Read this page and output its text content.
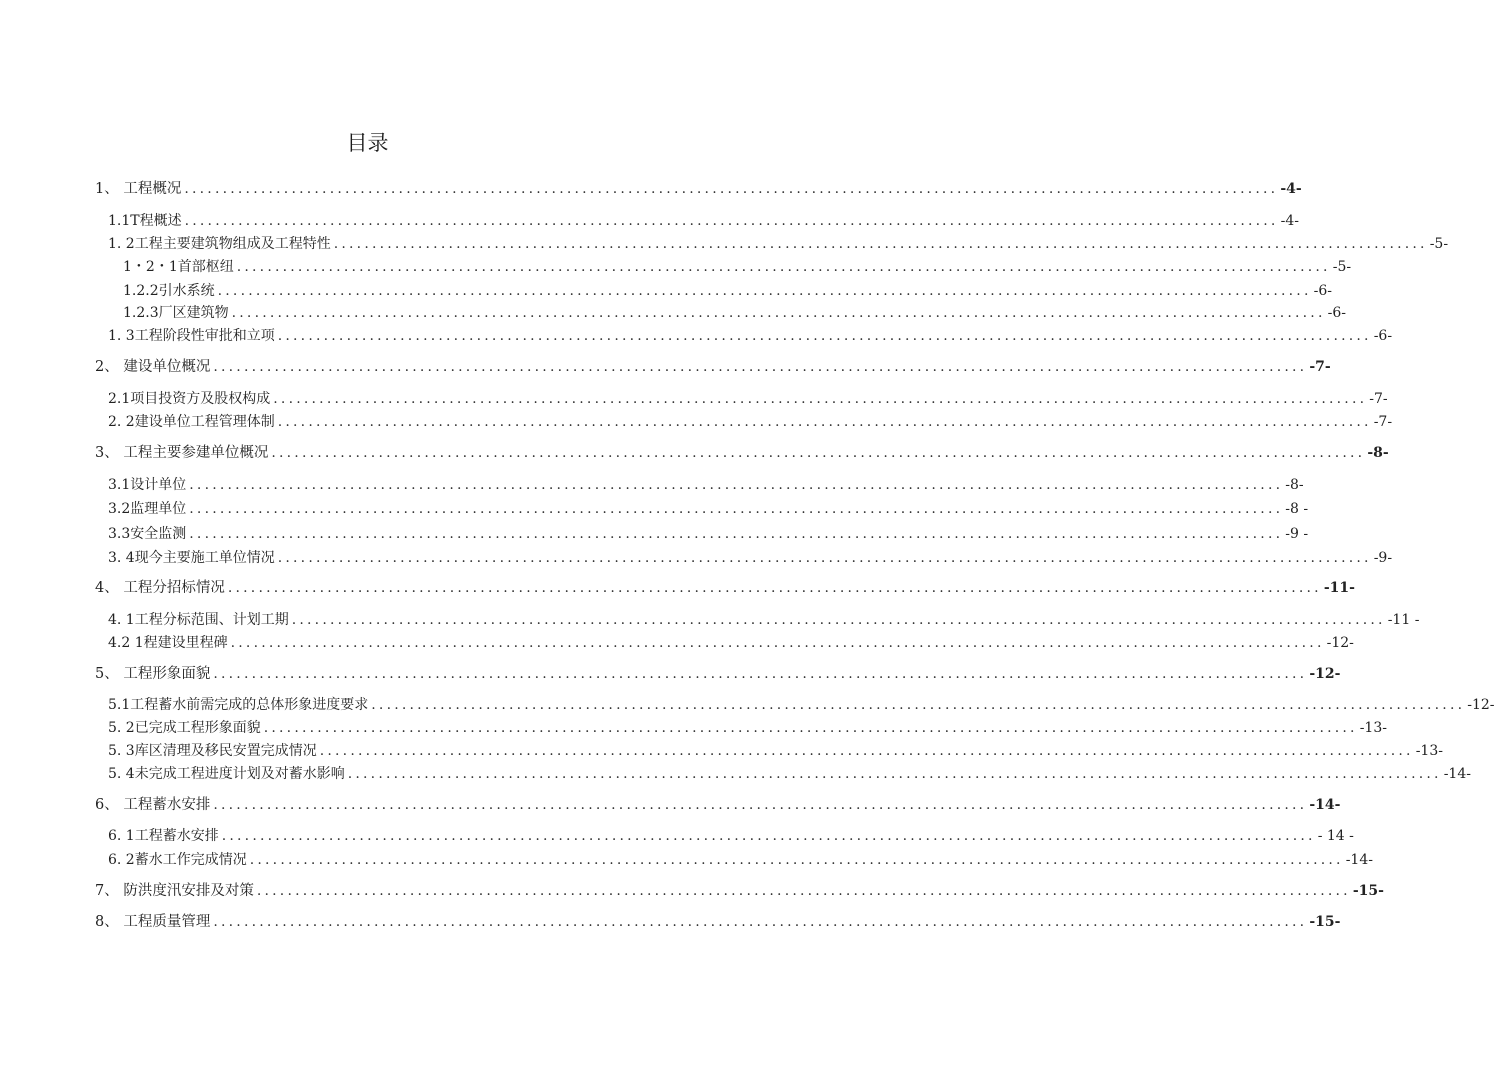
目录
1、 工程概况 ............................................................................................................................................... -4-
1.1T程概述 ............................................................................................................................................... -4-
1. 2工程主要建筑物组成及工程特性 ............................................................................................................................................... -5-
1・2・1首部枢纽 ............................................................................................................................................... -5-
1.2.2引水系统 ............................................................................................................................................... -6-
1.2.3厂区建筑物 ............................................................................................................................................... -6-
1. 3工程阶段性审批和立项 ............................................................................................................................................... -6-
2、 建设单位概况 ............................................................................................................................................... -7-
2.1项目投资方及股权构成 ............................................................................................................................................... -7-
2. 2建设单位工程管理体制 ............................................................................................................................................... -7-
3、 工程主要参建单位概况 ............................................................................................................................................... -8-
3.1设计单位 ............................................................................................................................................... -8-
3.2监理单位 ............................................................................................................................................... -8 -
3.3安全监测 ............................................................................................................................................... -9 -
3. 4现今主要施工单位情况 ............................................................................................................................................... -9-
4、 工程分招标情况 ............................................................................................................................................... -11-
4. 1工程分标范围、计划工期 ............................................................................................................................................... -11 -
4.2 1程建设里程碑 ............................................................................................................................................... -12-
5、 工程形象面貌 ............................................................................................................................................... -12-
5.1工程蓄水前需完成的总体形象进度要求 ............................................................................................................................................... -12-
5. 2已完成工程形象面貌 ............................................................................................................................................... -13-
5. 3库区清理及移民安置完成情况 ............................................................................................................................................... -13-
5. 4未完成工程进度计划及对蓄水影响 ............................................................................................................................................... -14-
6、 工程蓄水安排 ............................................................................................................................................... -14-
6. 1工程蓄水安排 ............................................................................................................................................... - 14 -
6. 2蓄水工作完成情况 ............................................................................................................................................... -14-
7、 防洪度汛安排及对策 ............................................................................................................................................... -15-
8、 工程质量管理 ............................................................................................................................................... -15-
